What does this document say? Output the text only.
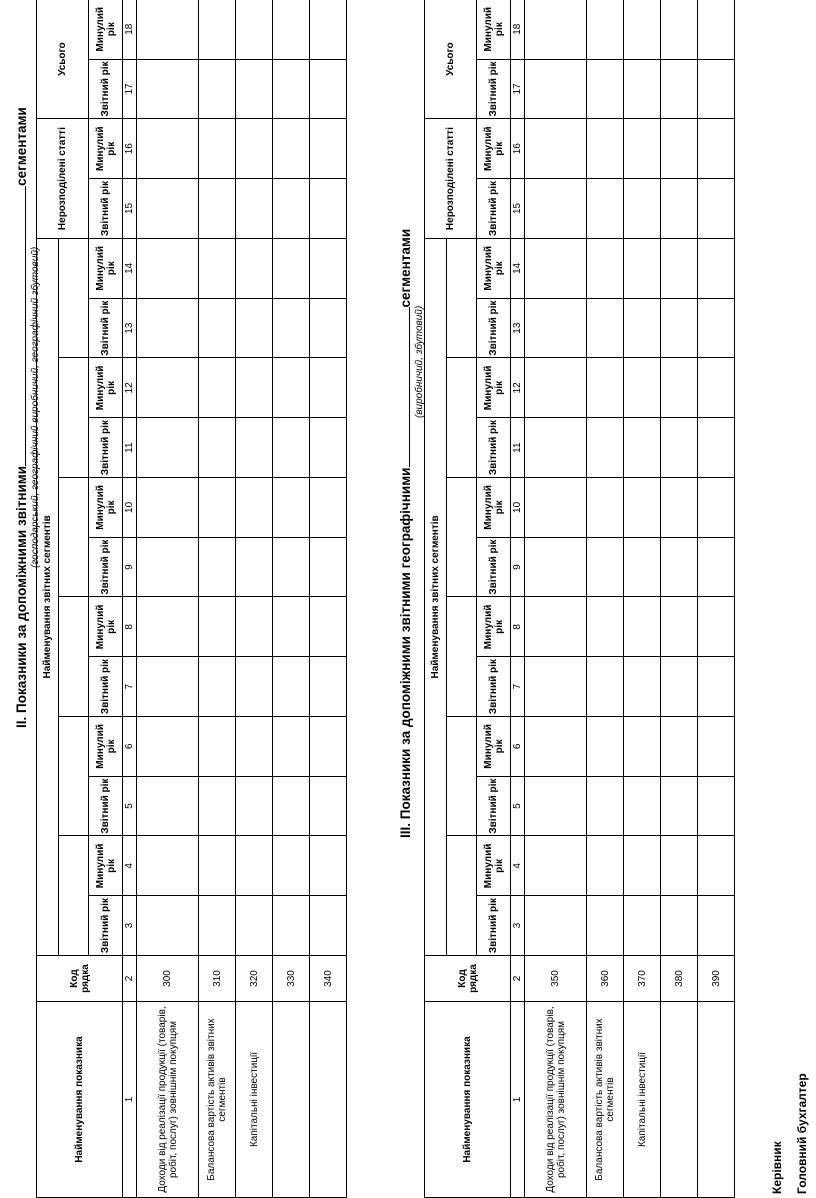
II. Показники за допоміжними звітнимисегментами
(господарський, географічний виробничий, географічний збутовий)
Найменування показника	Код рядка	Найменування звітних сегментів												Нерозподілені статті		Усього	

		Звітний рік	Минулий рік	Звітний рік	Минулий рік	Звітний рік	Минулий рік	Звітний рік	Минулий рік	Звітний рік	Минулий рік	Звітний рік	Минулий рік	Звітний рік	Минулий рік	Звітний рік	Минулий рік
1	2	3	4	5	6	7	8	9	10	11	12	13	14	15	16	17	18
Доходи від реалізації продукції (товарів, робіт, послуг) зовнішнім покупцям	300																
Балансова вартість активів звітних сегментів	310																
Капітальні інвестиції	320																
	330																
	340																
III. Показники за допоміжними звітними географічнимисегментами
(виробничий, збутовий)
Найменування показника	Код рядка	Найменування звітних сегментів												Нерозподілені статті		Усього	

		Звітний рік	Минулий рік	Звітний рік	Минулий рік	Звітний рік	Минулий рік	Звітний рік	Минулий рік	Звітний рік	Минулий рік	Звітний рік	Минулий рік	Звітний рік	Минулий рік	Звітний рік	Минулий рік
1	2	3	4	5	6	7	8	9	10	11	12	13	14	15	16	17	18
Доходи від реалізації продукції (товарів, робіт, послуг) зовнішнім покупцям	350																
Балансова вартість активів звітних сегментів	360																
Капітальні інвестиції	370																
	380																
	390																
Керівник Головний бухгалтер
